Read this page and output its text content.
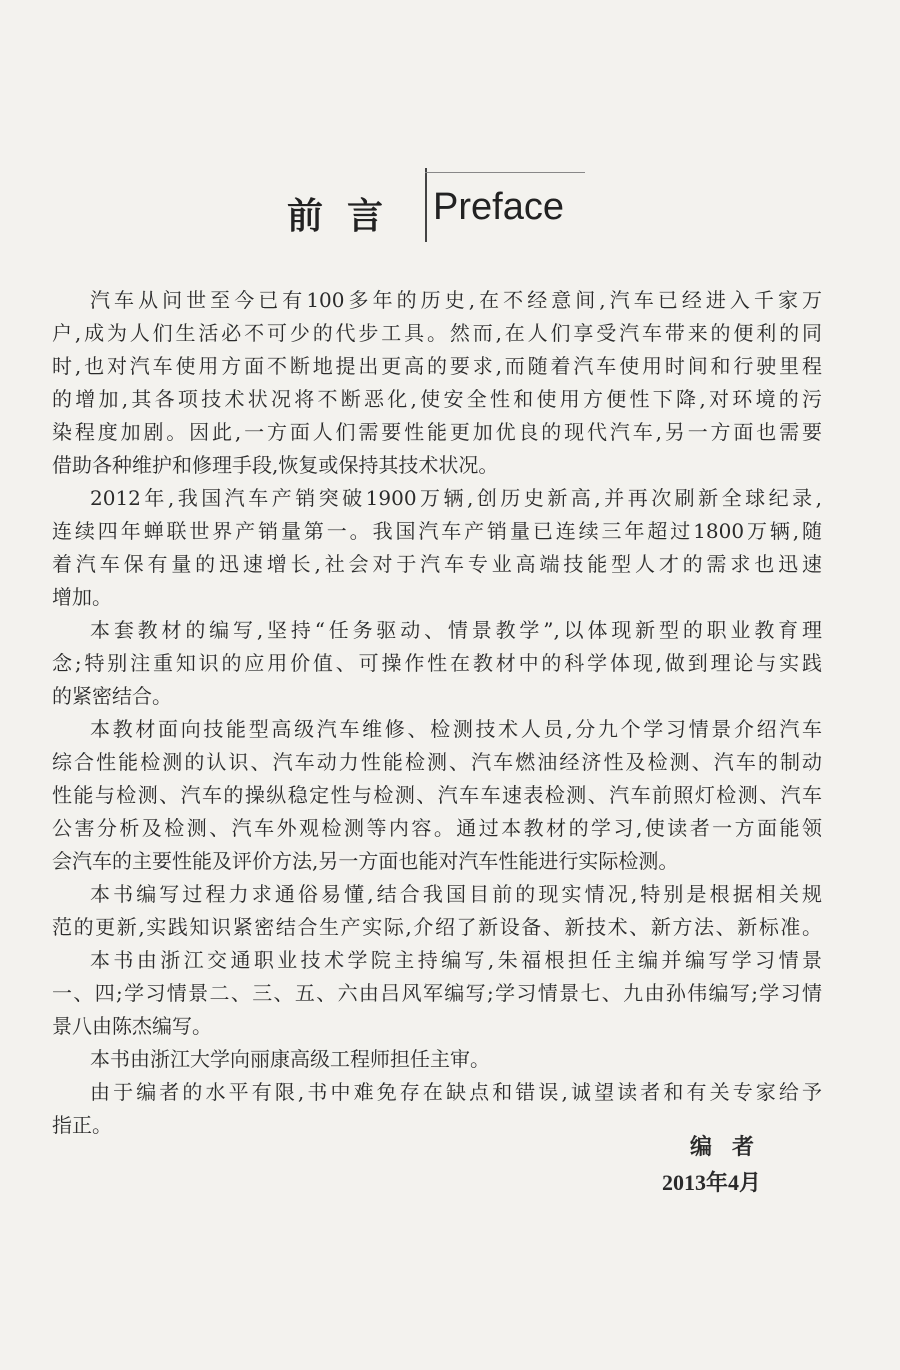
前言 Preface
汽车从问世至今已有100多年的历史,在不经意间,汽车已经进入千家万
户,成为人们生活必不可少的代步工具。然而,在人们享受汽车带来的便利的同
时,也对汽车使用方面不断地提出更高的要求,而随着汽车使用时间和行驶里程
的增加,其各项技术状况将不断恶化,使安全性和使用方便性下降,对环境的污
染程度加剧。因此,一方面人们需要性能更加优良的现代汽车,另一方面也需要
借助各种维护和修理手段,恢复或保持其技术状况。
2012年,我国汽车产销突破1900万辆,创历史新高,并再次刷新全球纪录,
连续四年蝉联世界产销量第一。我国汽车产销量已连续三年超过1800万辆,随
着汽车保有量的迅速增长,社会对于汽车专业高端技能型人才的需求也迅速
增加。
本套教材的编写,坚持“任务驱动、情景教学”,以体现新型的职业教育理
念;特别注重知识的应用价值、可操作性在教材中的科学体现,做到理论与实践
的紧密结合。
本教材面向技能型高级汽车维修、检测技术人员,分九个学习情景介绍汽车
综合性能检测的认识、汽车动力性能检测、汽车燃油经济性及检测、汽车的制动
性能与检测、汽车的操纵稳定性与检测、汽车车速表检测、汽车前照灯检测、汽车
公害分析及检测、汽车外观检测等内容。通过本教材的学习,使读者一方面能领
会汽车的主要性能及评价方法,另一方面也能对汽车性能进行实际检测。
本书编写过程力求通俗易懂,结合我国目前的现实情况,特别是根据相关规
范的更新,实践知识紧密结合生产实际,介绍了新设备、新技术、新方法、新标准。
本书由浙江交通职业技术学院主持编写,朱福根担任主编并编写学习情景
一、四;学习情景二、三、五、六由吕风军编写;学习情景七、九由孙伟编写;学习情
景八由陈杰编写。
本书由浙江大学向丽康高级工程师担任主审。
由于编者的水平有限,书中难免存在缺点和错误,诚望读者和有关专家给予
指正。
编者
2013年4月
